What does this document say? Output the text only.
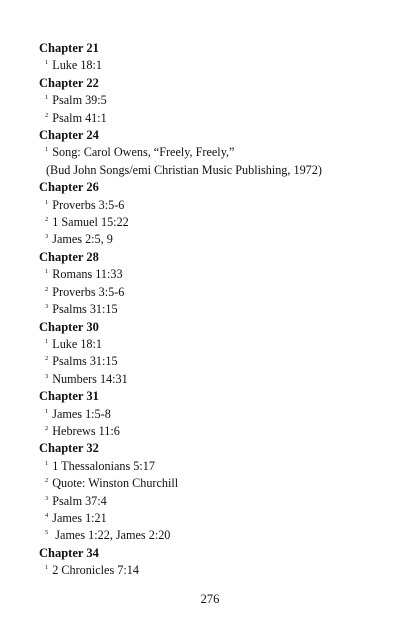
Chapter 21
$^1$ Luke 18:1
Chapter 22
$^1$ Psalm 39:5
$^2$ Psalm 41:1
Chapter 24
$^1$ Song: Carol Owens, “Freely, Freely,”
(Bud John Songs/emi Christian Music Publishing, 1972)
Chapter 26
$^1$ Proverbs 3:5-6
$^2$ 1 Samuel 15:22
$^3$ James 2:5, 9
Chapter 28
$^1$ Romans 11:33
$^2$ Proverbs 3:5-6
$^3$ Psalms 31:15
Chapter 30
$^1$ Luke 18:1
$^2$ Psalms 31:15
$^3$ Numbers 14:31
Chapter 31
$^1$ James 1:5-8
$^2$ Hebrews 11:6
Chapter 32
$^1$ 1 Thessalonians 5:17
$^2$ Quote: Winston Churchill
$^3$ Psalm 37:4
$^4$ James 1:21
$^5$ James 1:22, James 2:20
Chapter 34
$^1$ 2 Chronicles 7:14
276
